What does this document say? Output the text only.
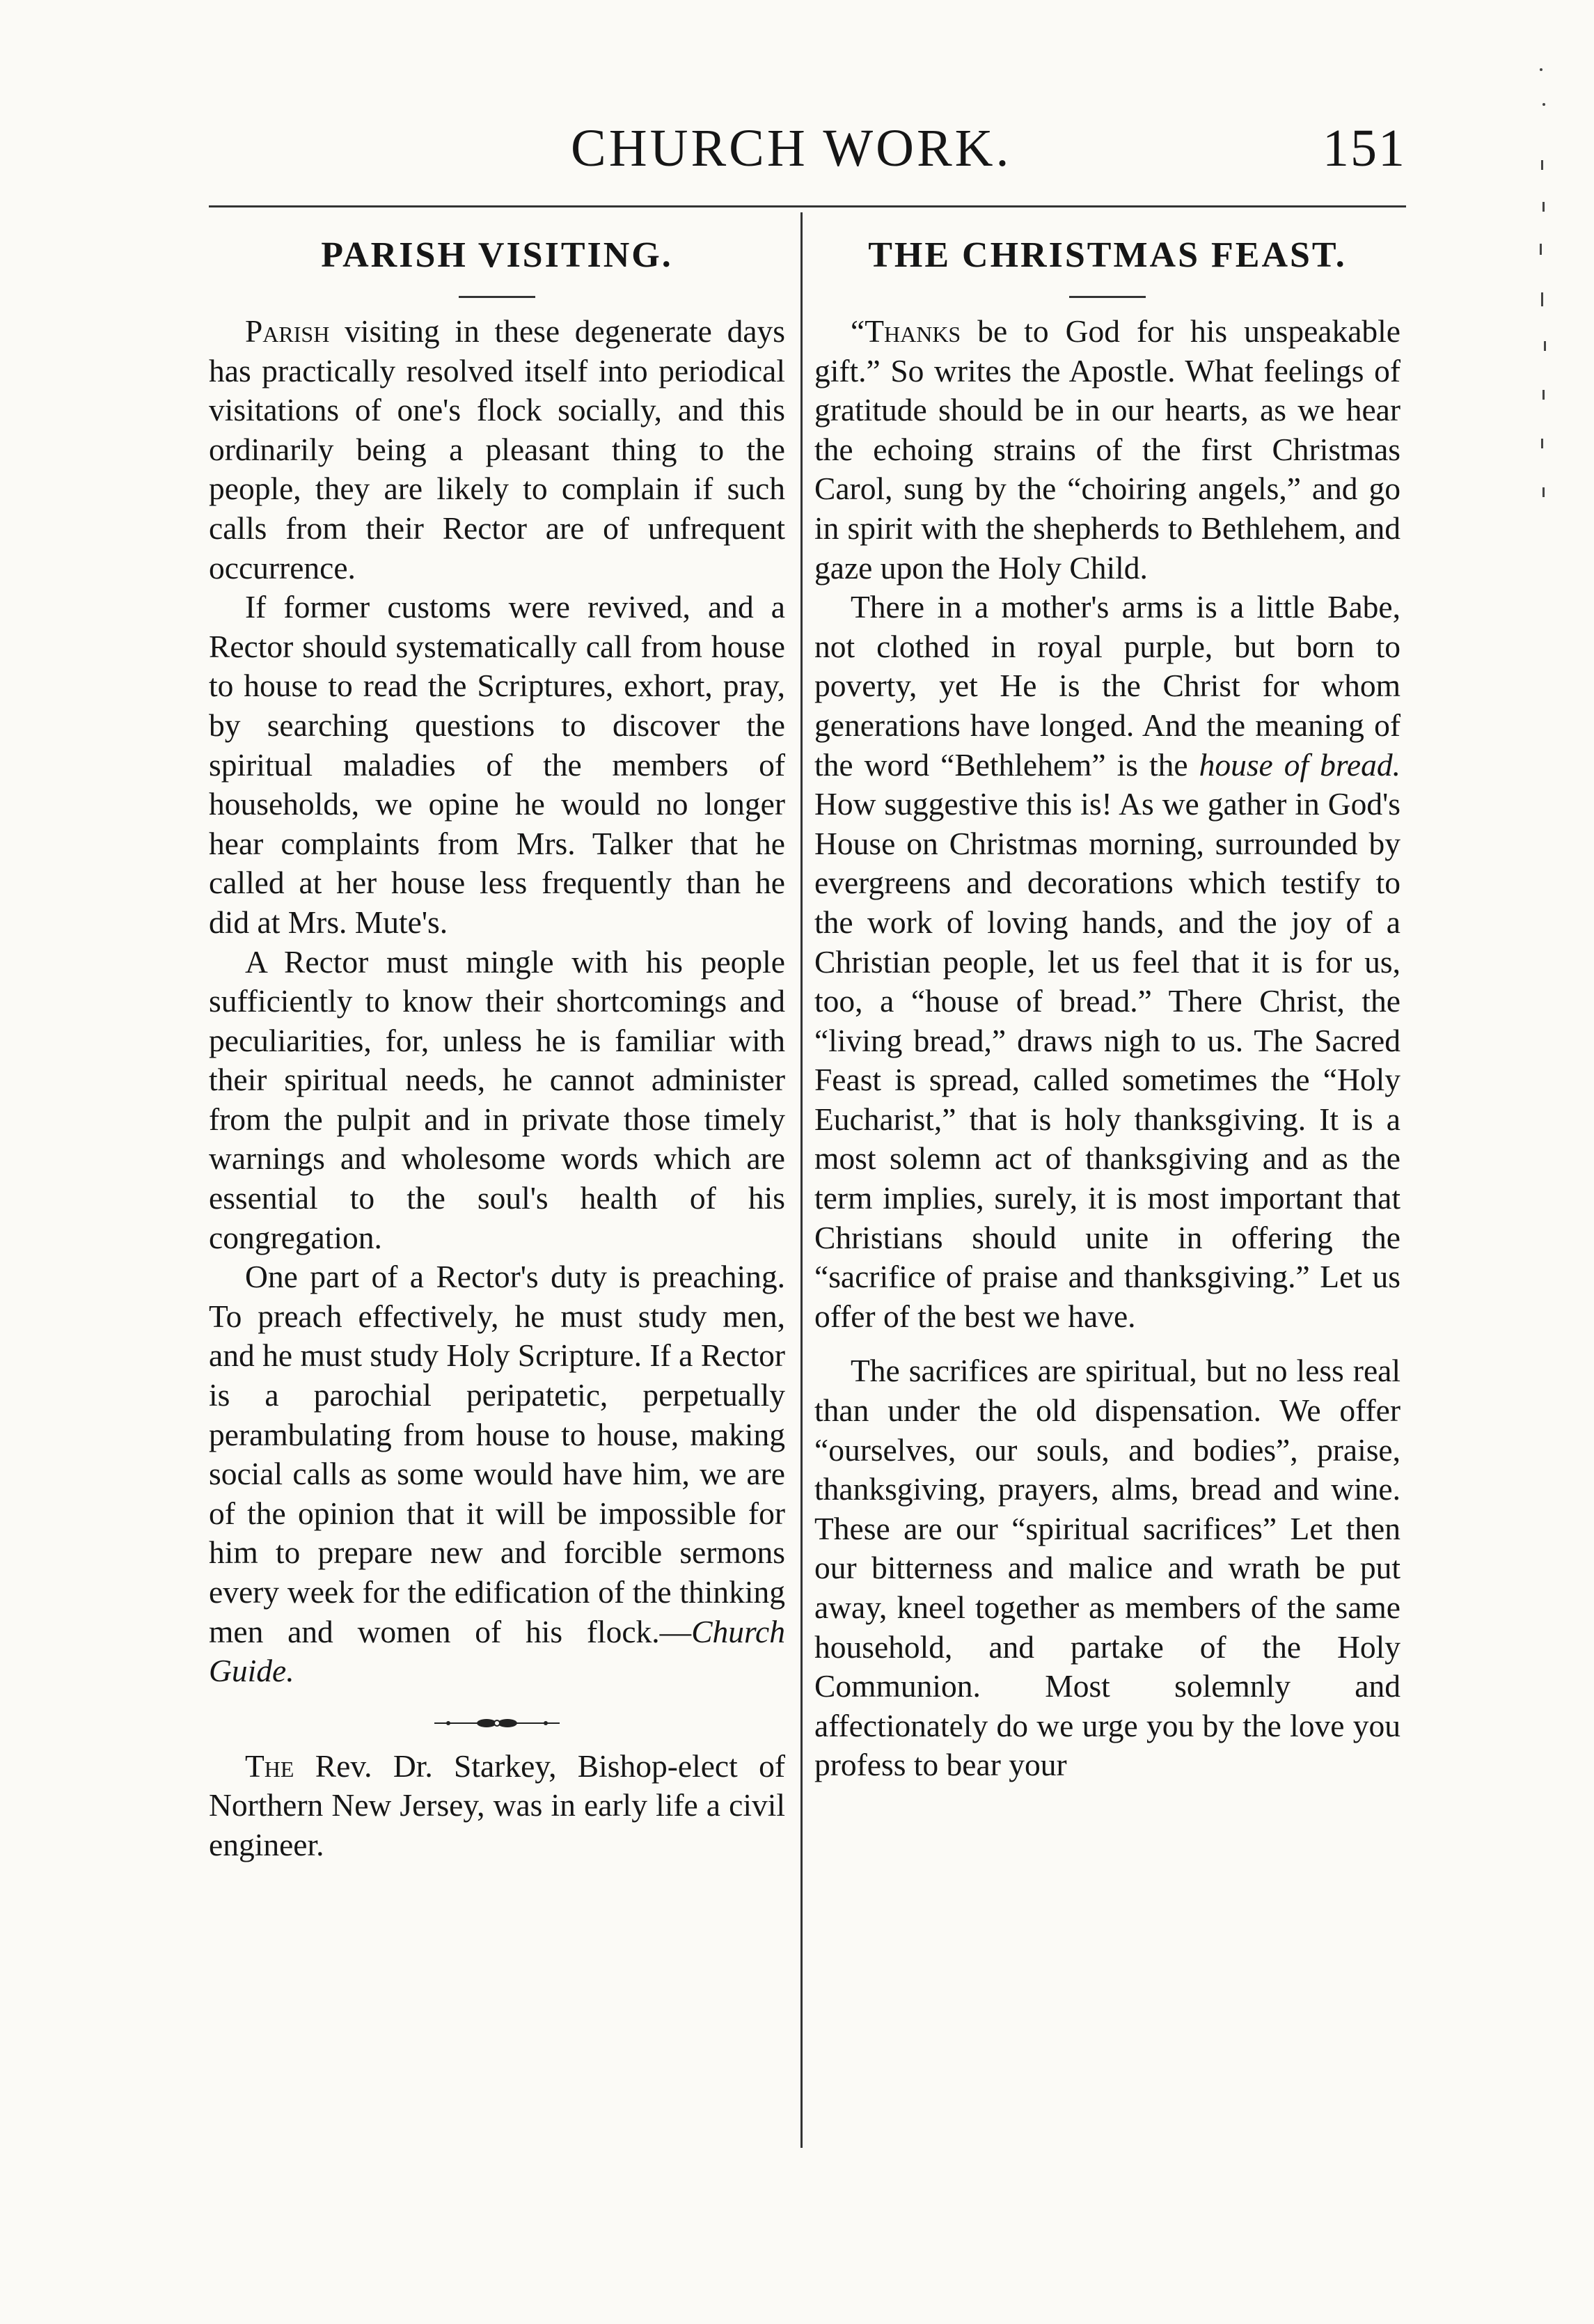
CHURCH WORK.	151
PARISH VISITING.

Parish visiting in these degenerate days has practically resolved itself into periodical visitations of one's flock socially, and this ordinarily being a pleasant thing to the people, they are likely to complain if such calls from their Rector are of unfrequent occurrence.

If former customs were revived, and a Rector should systematically call from house to house to read the Scriptures, exhort, pray, by searching questions to discover the spiritual maladies of the members of households, we opine he would no longer hear complaints from Mrs. Talker that he called at her house less frequently than he did at Mrs. Mute's.

A Rector must mingle with his people sufficiently to know their shortcomings and peculiarities, for, unless he is familiar with their spiritual needs, he cannot administer from the pulpit and in private those timely warnings and wholesome words which are essential to the soul's health of his congregation.

One part of a Rector's duty is preaching. To preach effectively, he must study men, and he must study Holy Scripture. If a Rector is a parochial peripatetic, perpetually perambulating from house to house, making social calls as some would have him, we are of the opinion that it will be impossible for him to prepare new and forcible sermons every week for the edification of the thinking men and women of his flock.—Church Guide.

The Rev. Dr. Starkey, Bishop-elect of Northern New Jersey, was in early life a civil engineer.

THE CHRISTMAS FEAST.

“Thanks be to God for his unspeakable gift.” So writes the Apostle. What feelings of gratitude should be in our hearts, as we hear the echoing strains of the first Christmas Carol, sung by the “choiring angels,” and go in spirit with the shepherds to Bethlehem, and gaze upon the Holy Child.

There in a mother's arms is a little Babe, not clothed in royal purple, but born to poverty, yet He is the Christ for whom generations have longed. And the meaning of the word “Bethlehem” is the house of bread. How suggestive this is! As we gather in God's House on Christmas morning, surrounded by evergreens and decorations which testify to the work of loving hands, and the joy of a Christian people, let us feel that it is for us, too, a “house of bread.” There Christ, the “living bread,” draws nigh to us. The Sacred Feast is spread, called sometimes the “Holy Eucharist,” that is holy thanksgiving. It is a most solemn act of thanksgiving and as the term implies, surely, it is most important that Christians should unite in offering the “sacrifice of praise and thanksgiving.” Let us offer of the best we have.

The sacrifices are spiritual, but no less real than under the old dispensation. We offer “ourselves, our souls, and bodies”, praise, thanksgiving, prayers, alms, bread and wine. These are our “spiritual sacrifices” Let then our bitterness and malice and wrath be put away, kneel together as members of the same household, and partake of the Holy Communion. Most solemnly and affectionately do we urge you by the love you profess to bear your
